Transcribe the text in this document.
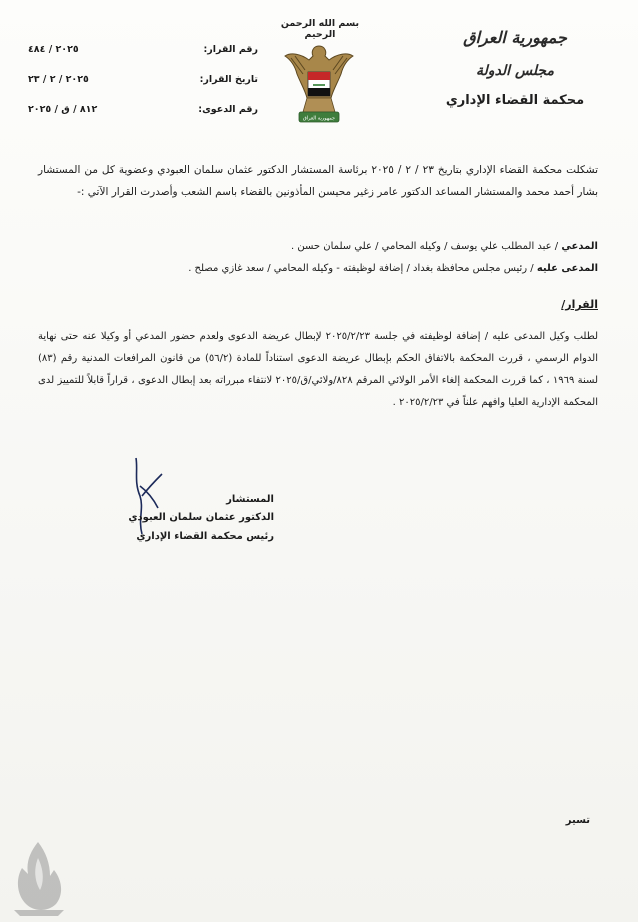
بسم الله الرحمن الرحيم
جمهورية العراق
جمهورية العراق
مجلس الدولة
محكمة القضاء الإداري
رقم القرار:
٢٠٢٥ / ٤٨٤
تاريخ القرار:
٢٠٢٥ / ٢ / ٢٣
رقم الدعوى:
٨١٢ / ق / ٢٠٢٥
تشكلت محكمة القضاء الإداري بتاريخ ٢٣ / ٢ / ٢٠٢٥ برئاسة المستشار الدكتور عثمان سلمان العبودي وعضوية كل من المستشار بشار أحمد محمد والمستشار المساعد الدكتور عامر زغير محيسن المأذونين بالقضاء باسم الشعب وأصدرت القرار الآتي :-
المدعي / عبد المطلب علي يوسف / وكيله المحامي / علي سلمان حسن .
المدعى عليه / رئيس مجلس محافظة بغداد / إضافة لوظيفته - وكيله المحامي / سعد غازي مصلح .
القرار/
لطلب وكيل المدعى عليه / إضافة لوظيفته في جلسة ٢٠٢٥/٢/٢٣ لإبطال عريضة الدعوى ولعدم حضور المدعي أو وكيلا عنه حتى نهاية الدوام الرسمي ، قررت المحكمة بالاتفاق الحكم بإبطال عريضة الدعوى استناداً للمادة (٥٦/٢) من قانون المرافعات المدنية رقم (٨٣) لسنة ١٩٦٩ ، كما قررت المحكمة إلغاء الأمر الولائي المرقم ٨٢٨/ولائي/ق/٢٠٢٥ لانتفاء مبرراته بعد إبطال الدعوى ، قراراً قابلاً للتمييز لدى المحكمة الإدارية العليا وافهم علناً في ٢٠٢٥/٢/٢٣ .
المستشار
الدكتور عثمان سلمان العبودي
رئيس محكمة القضاء الإداري
تسير
